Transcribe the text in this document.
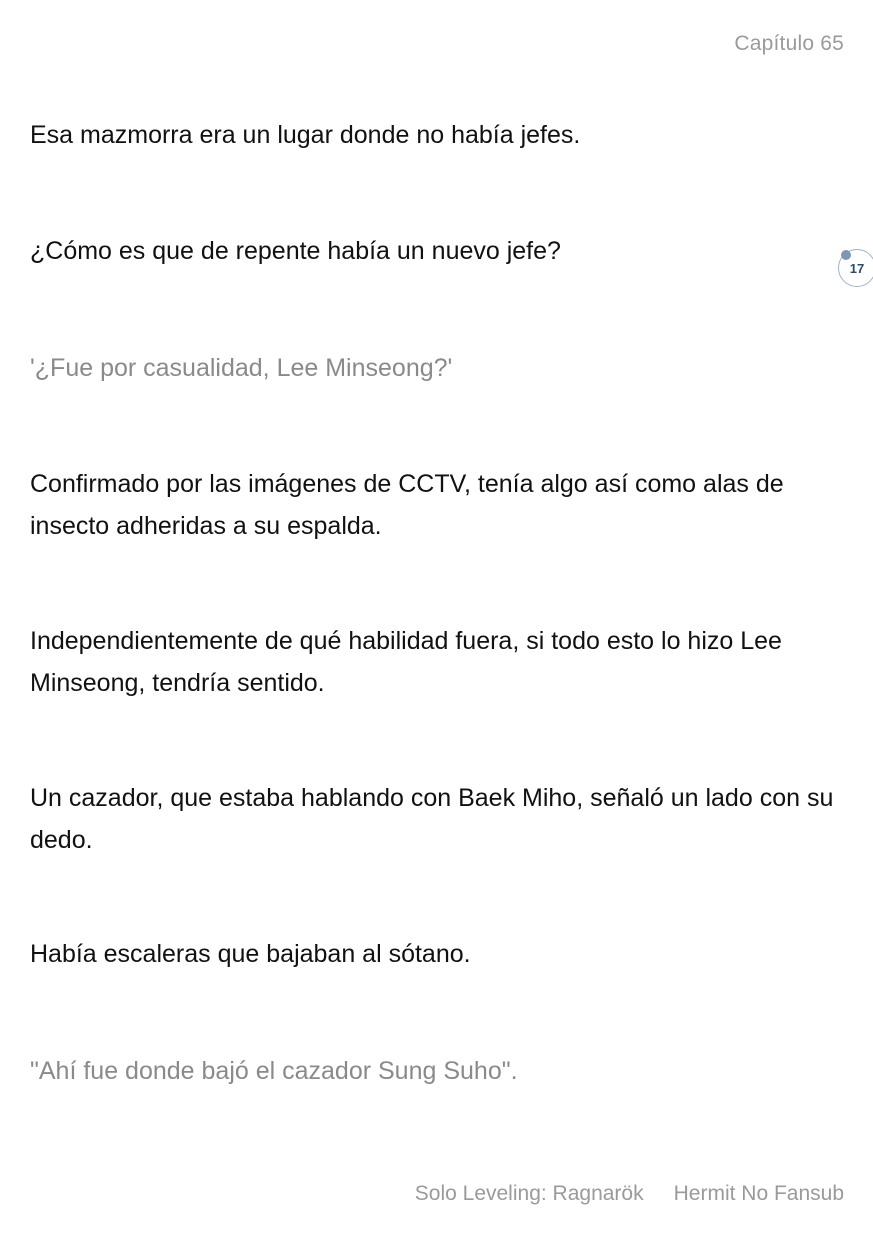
Capítulo 65

Esa mazmorra era un lugar donde no había jefes.

¿Cómo es que de repente había un nuevo jefe?

17

'¿Fue por casualidad, Lee Minseong?'

Confirmado por las imágenes de CCTV, tenía algo así como alas de insecto adheridas a su espalda.

Independientemente de qué habilidad fuera, si todo esto lo hizo Lee Minseong, tendría sentido.

Un cazador, que estaba hablando con Baek Miho, señaló un lado con su dedo.

Había escaleras que bajaban al sótano.

"Ahí fue donde bajó el cazador Sung Suho".

Solo Leveling: Ragnarök Hermit No Fansub
